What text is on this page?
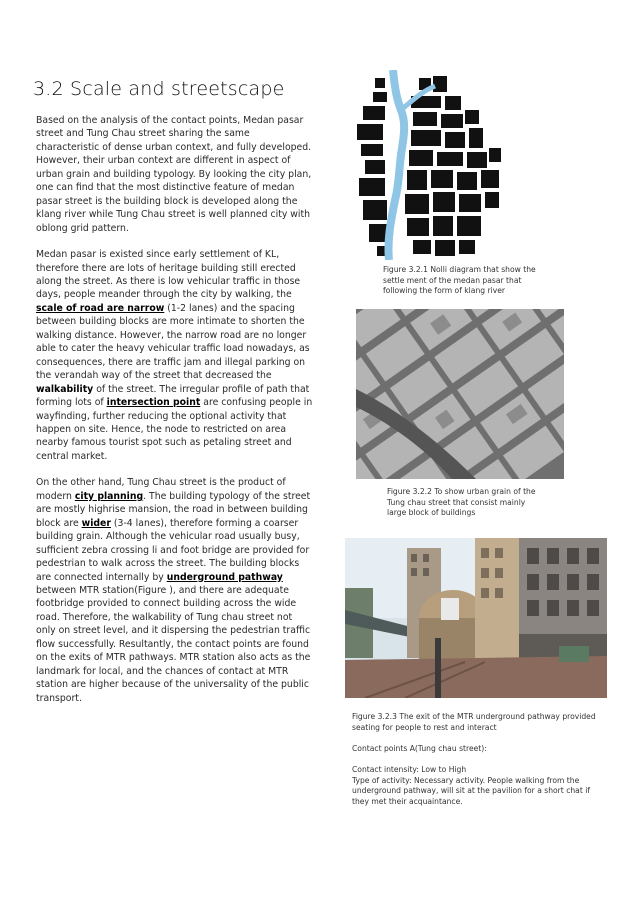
3.2 Scale and streetscape

Based on the analysis of the contact points, Medan pasar street and Tung Chau street sharing the same characteristic of dense urban context, and fully developed. However, their urban context are different in aspect of urban grain and building typology. By looking the city plan, one can find that the most distinctive feature of medan pasar street is the building block is developed along the klang river while Tung Chau street is well planned city with oblong grid pattern.

Medan pasar is existed since early settlement of KL, therefore there are lots of heritage building still erected along the street. As there is low vehicular traffic in those days, people meander through the city by walking, the scale of road are narrow (1-2 lanes) and the spacing between building blocks are more intimate to shorten the walking distance. However, the narrow road are no longer able to cater the heavy vehicular traffic load nowadays, as consequences, there are traffic jam and illegal parking on the verandah way of the street that decreased the walkability of the street. The irregular profile of path that forming lots of intersection point are confusing people in wayfinding, further reducing the optional activity that happen on site. Hence, the node to restricted on area nearby famous tourist spot such as petaling street and central market.

On the other hand, Tung Chau street is the product of modern city planning. The building typology of the street are mostly highrise mansion, the road in between building block are wider (3-4 lanes), therefore forming a coarser building grain. Although the vehicular road usually busy, sufficient zebra crossing li and foot bridge are provided for pedestrian to walk across the street. The building blocks are connected internally by underground pathway between MTR station(Figure ), and there are adequate footbridge provided to connect building across the wide road. Therefore, the walkability of Tung chau street not only on street level, and it dispersing the pedestrian traffic flow successfully. Resultantly, the contact points are found on the exits of MTR pathways. MTR station also acts as the landmark for local, and the chances of contact at MTR station are higher because of the universality of the public transport.

Figure 3.2.1 Nolli diagram that show the settle ment of the medan pasar that following the form of klang river
Figure 3.2.2 To show urban grain of the Tung chau street that consist mainly large block of buildings

Figure 3.2.3 The exit of the MTR underground pathway provided seating for people to rest and interact

Contact points A(Tung chau street):

Contact intensity: Low to High
Type of activity: Necessary activity. People walking from the underground pathway, will sit at the pavilion for a short chat if they met their acquaintance.
